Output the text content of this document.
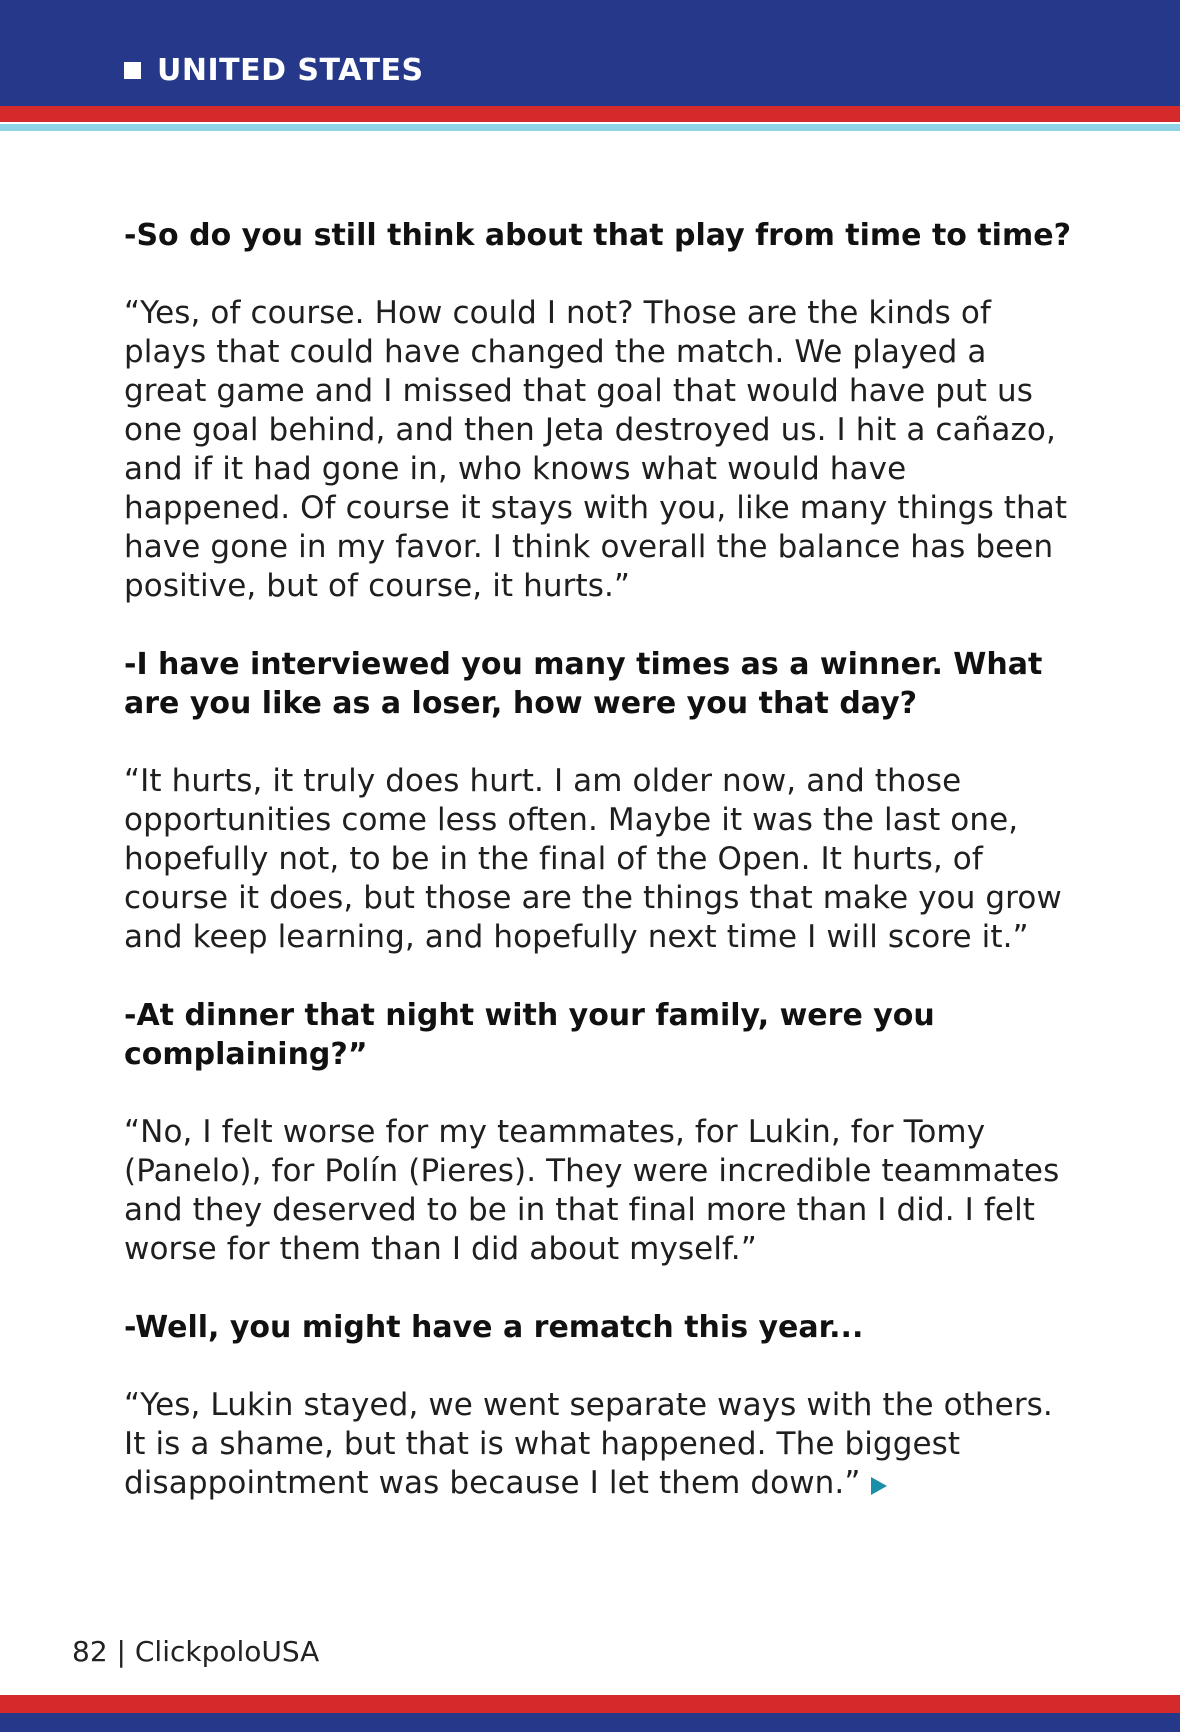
UNITED STATES

-So do you still think about that play from time to time?

“Yes, of course. How could I not? Those are the kinds of plays that could have changed the match. We played a great game and I missed that goal that would have put us one goal behind, and then Jeta destroyed us. I hit a cañazo, and if it had gone in, who knows what would have happened. Of course it stays with you, like many things that have gone in my favor. I think overall the balance has been positive, but of course, it hurts.”

-I have interviewed you many times as a winner. What are you like as a loser, how were you that day?

“It hurts, it truly does hurt. I am older now, and those opportunities come less often. Maybe it was the last one, hopefully not, to be in the final of the Open. It hurts, of course it does, but those are the things that make you grow and keep learning, and hopefully next time I will score it.”

-At dinner that night with your family, were you complaining?”

“No, I felt worse for my teammates, for Lukin, for Tomy (Panelo), for Polín (Pieres). They were incredible teammates and they deserved to be in that final more than I did. I felt worse for them than I did about myself.”

-Well, you might have a rematch this year...

“Yes, Lukin stayed, we went separate ways with the others. It is a shame, but that is what happened. The biggest disappointment was because I let them down.”

82 | ClickpoloUSA
